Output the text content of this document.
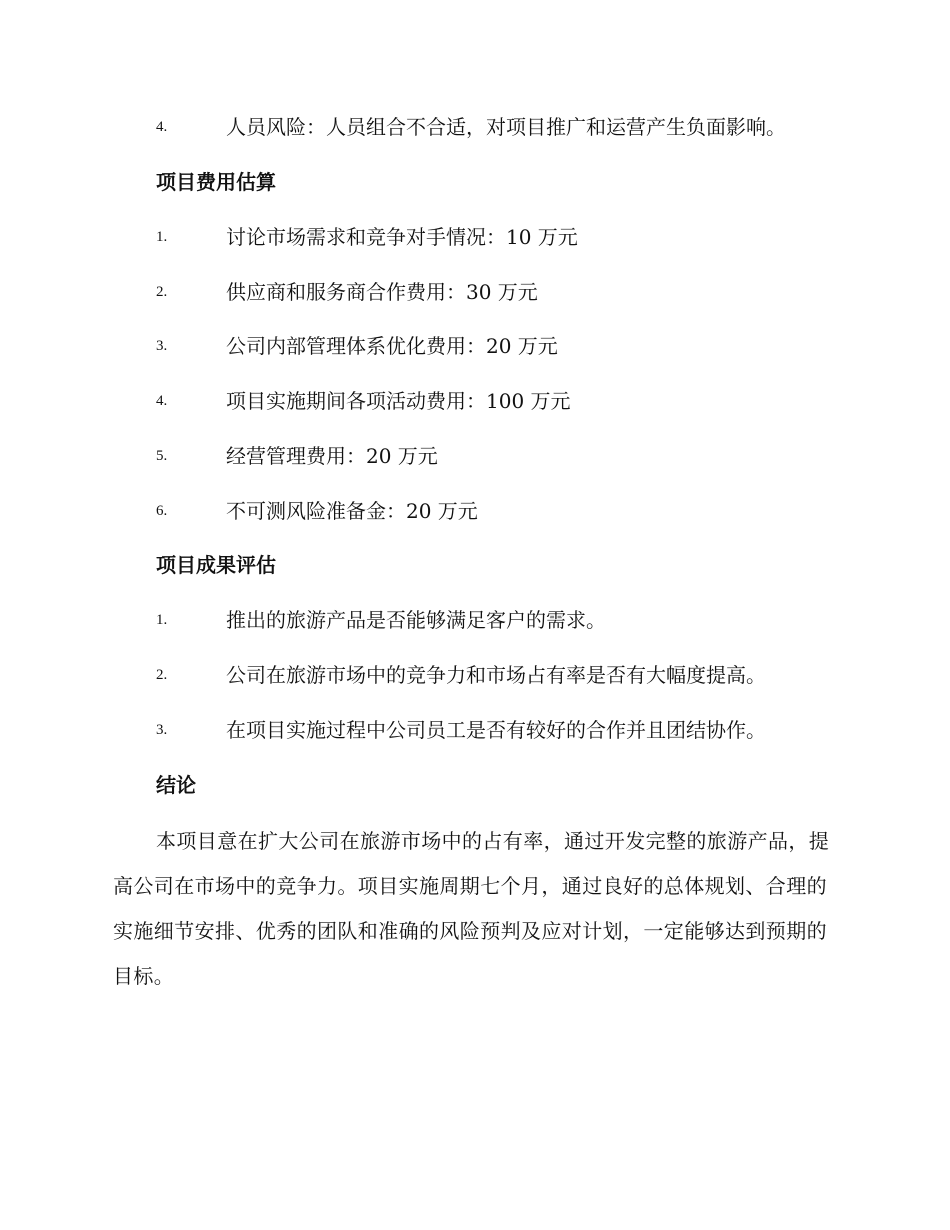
4.	人员风险：人员组合不合适，对项目推广和运营产生负面影响。
项目费用估算
1.	讨论市场需求和竞争对手情况：10 万元
2.	供应商和服务商合作费用：30 万元
3.	公司内部管理体系优化费用：20 万元
4.	项目实施期间各项活动费用：100 万元
5.	经营管理费用：20 万元
6.	不可测风险准备金：20 万元
项目成果评估
1.	推出的旅游产品是否能够满足客户的需求。
2.	公司在旅游市场中的竞争力和市场占有率是否有大幅度提高。
3.	在项目实施过程中公司员工是否有较好的合作并且团结协作。
结论

本项目意在扩大公司在旅游市场中的占有率，通过开发完整的旅游产品，提高公司在市场中的竞争力。项目实施周期七个月，通过良好的总体规划、合理的实施细节安排、优秀的团队和准确的风险预判及应对计划，一定能够达到预期的目标。
